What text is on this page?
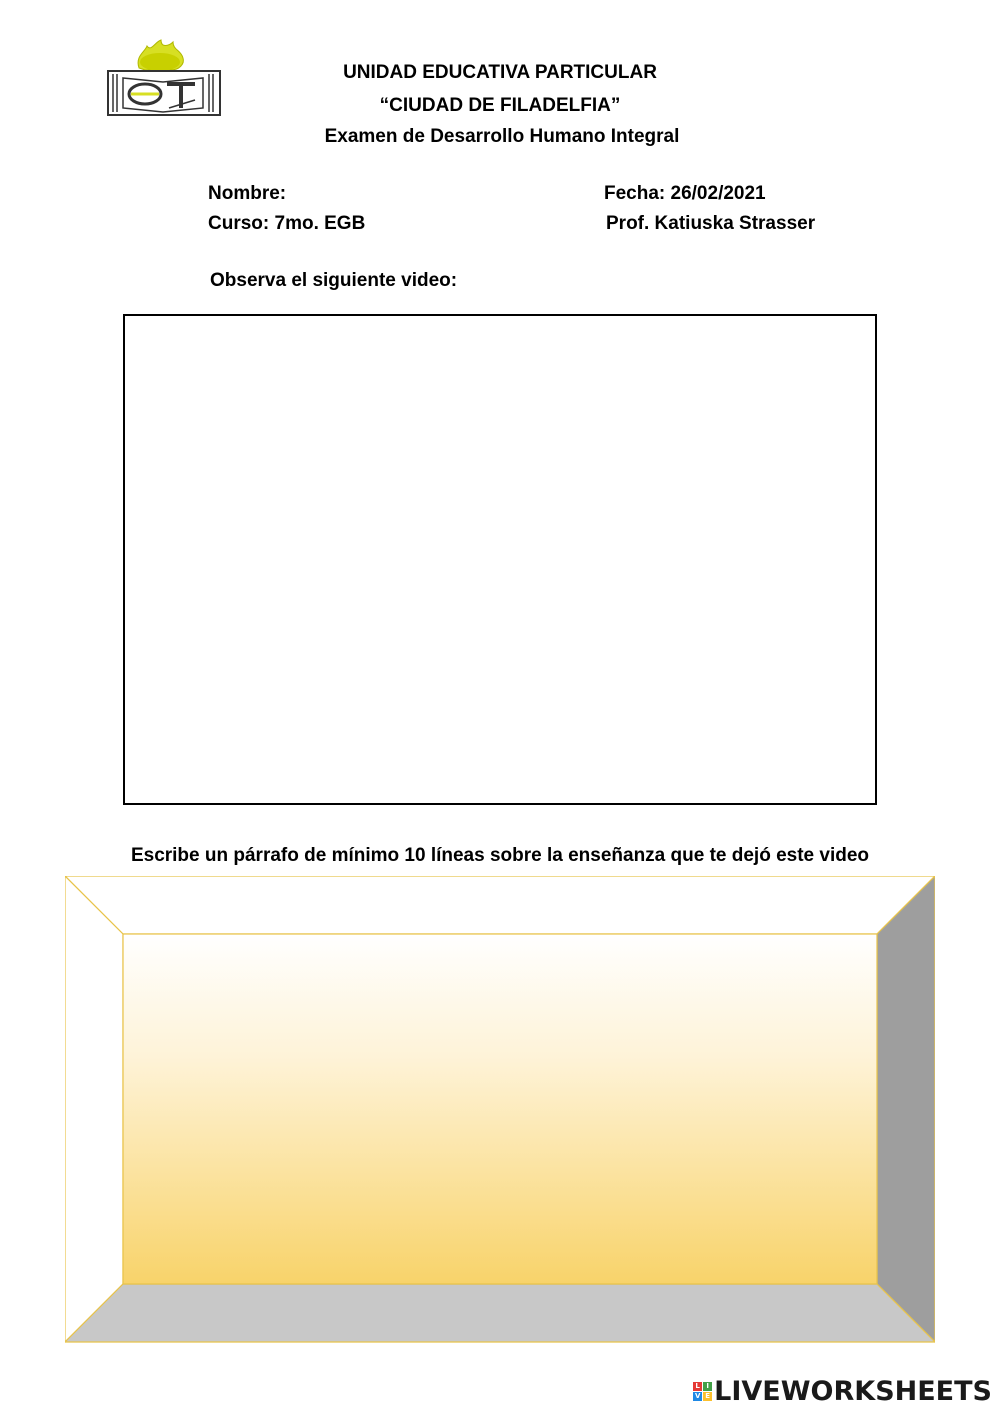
UNIDAD EDUCATIVA PARTICULAR
“CIUDAD DE FILADELFIA”
Examen de Desarrollo Humano Integral
Nombre:	Fecha: 26/02/2021
Curso: 7mo. EGB	Prof. Katiuska Strasser
Observa el siguiente video:
Escribe un párrafo de mínimo 10 líneas sobre la enseñanza que te dejó este video
L I
V E LIVEWORKSHEETS
